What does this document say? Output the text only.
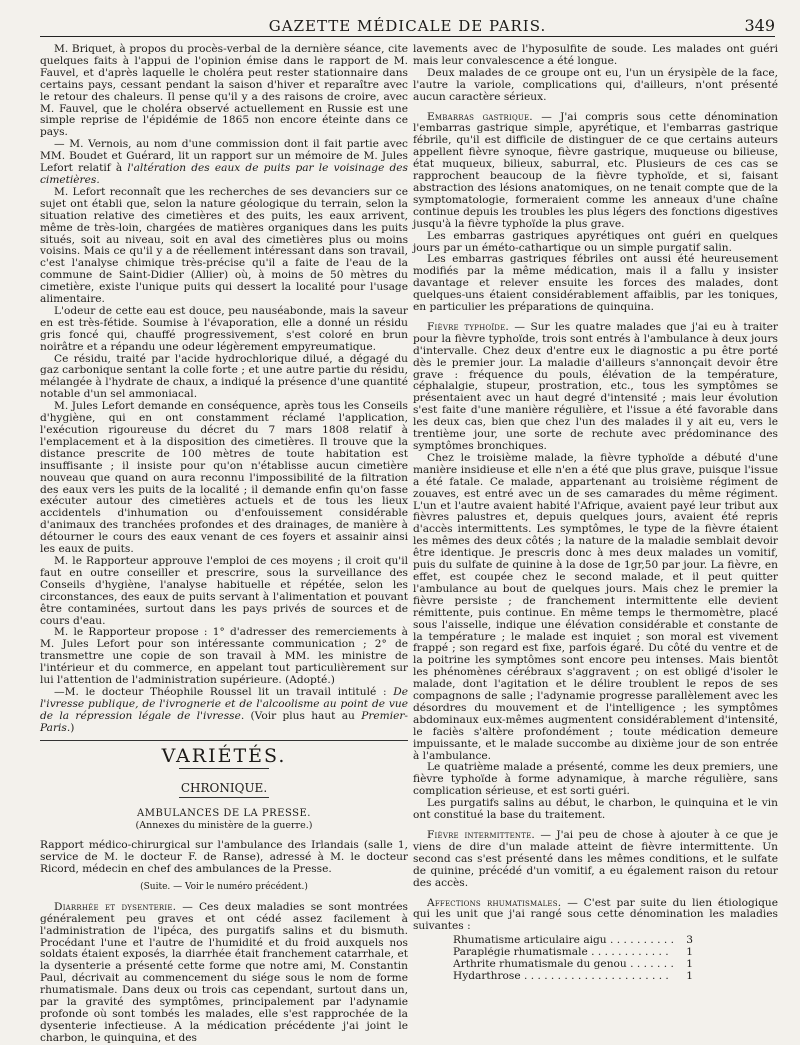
GAZETTE MÉDICALE DE PARIS.	349

M. Briquet, à propos du procès-verbal de la dernière séance, cite quelques faits à l'appui de l'opinion émise dans le rapport de M. Fauvel, et d'après laquelle le choléra peut rester stationnaire dans certains pays, cessant pendant la saison d'hiver et reparaître avec le retour des chaleurs. Il pense qu'il y a des raisons de croire, avec M. Fauvel, que le choléra observé actuellement en Russie est une simple reprise de l'épidémie de 1865 non encore éteinte dans ce pays.

— M. Vernois, au nom d'une commission dont il fait partie avec MM. Boudet et Guérard, lit un rapport sur un mémoire de M. Jules Lefort relatif à l'altération des eaux de puits par le voisinage des cimetières.

M. Lefort reconnaît que les recherches de ses devanciers sur ce sujet ont établi que, selon la nature géologique du terrain, selon la situation relative des cimetières et des puits, les eaux arrivent, même de très-loin, chargées de matières organiques dans les puits situés, soit au niveau, soit en aval des cimetières plus ou moins voisins. Mais ce qu'il y a de réellement intéressant dans son travail, c'est l'analyse chimique très-précise qu'il a faite de l'eau de la commune de Saint-Didier (Allier) où, à moins de 50 mètres du cimetière, existe l'unique puits qui dessert la localité pour l'usage alimentaire.

L'odeur de cette eau est douce, peu nauséabonde, mais la saveur en est très-fétide. Soumise à l'évaporation, elle a donné un résidu gris foncé qui, chauffé progressivement, s'est coloré en brun noirâtre et a répandu une odeur légèrement empyreumatique.

Ce résidu, traité par l'acide hydrochlorique dilué, a dégagé du gaz carbonique sentant la colle forte ; et une autre partie du résidu, mélangée à l'hydrate de chaux, a indiqué la présence d'une quantité notable d'un sel ammoniacal.

M. Jules Lefort demande en conséquence, après tous les Conseils d'hygiène, qui en ont constamment réclamé l'application, l'exécution rigoureuse du décret du 7 mars 1808 relatif à l'emplacement et à la disposition des cimetières. Il trouve que la distance prescrite de 100 mètres de toute habitation est insuffisante ; il insiste pour qu'on n'établisse aucun cimetière nouveau que quand on aura reconnu l'impossibilité de la filtration des eaux vers les puits de la localité ; il demande enfin qu'on fasse exécuter autour des cimetières actuels et de tous les lieux accidentels d'inhumation ou d'enfouissement considérable d'animaux des tranchées profondes et des drainages, de manière à détourner le cours des eaux venant de ces foyers et assainir ainsi les eaux de puits.

M. le Rapporteur approuve l'emploi de ces moyens ; il croit qu'il faut en outre conseiller et prescrire, sous la surveillance des Conseils d'hygiène, l'analyse habituelle et répétée, selon les circonstances, des eaux de puits servant à l'alimentation et pouvant être contaminées, surtout dans les pays privés de sources et de cours d'eau.

M. le Rapporteur propose : 1° d'adresser des remerciements à M. Jules Lefort pour son intéressante communication ; 2° de transmettre une copie de son travail à MM. les ministre de l'intérieur et du commerce, en appelant tout particulièrement sur lui l'attention de l'administration supérieure. (Adopté.)

—M. le docteur Théophile Roussel lit un travail intitulé : De l'ivresse publique, de l'ivrognerie et de l'alcoolisme au point de vue de la répression légale de l'ivresse. (Voir plus haut au Premier-Paris.)

VARIÉTÉS.
CHRONIQUE.
AMBULANCES DE LA PRESSE.
(Annexes du ministère de la guerre.)

Rapport médico-chirurgical sur l'ambulance des Irlandais (salle 1, service de M. le docteur F. de Ranse), adressé à M. le docteur Ricord, médecin en chef des ambulances de la Presse.

(Suite. — Voir le numéro précédent.)

Diarrhée et dysenterie. — Ces deux maladies se sont montrées généralement peu graves et ont cédé assez facilement à l'administration de l'ipéca, des purgatifs salins et du bismuth. Procédant l'une et l'autre de l'humidité et du froid auxquels nos soldats étaient exposés, la diarrhée était franchement catarrhale, et la dysenterie a présenté cette forme que notre ami, M. Constantin Paul, décrivait au commencement du siége sous le nom de forme rhumatismale. Dans deux ou trois cas cependant, surtout dans un, par la gravité des symptômes, principalement par l'adynamie profonde où sont tombés les malades, elle s'est rapprochée de la dysenterie infectieuse. A la médication précédente j'ai joint le charbon, le quinquina, et des

lavements avec de l'hyposulfite de soude. Les malades ont guéri mais leur convalescence a été longue.

Deux malades de ce groupe ont eu, l'un un érysipèle de la face, l'autre la variole, complications qui, d'ailleurs, n'ont présenté aucun caractère sérieux.

Embarras gastrique. — J'ai compris sous cette dénomination l'embarras gastrique simple, apyrétique, et l'embarras gastrique fébrile, qu'il est difficile de distinguer de ce que certains auteurs appellent fièvre synoque, fièvre gastrique, muqueuse ou bilieuse, état muqueux, bilieux, saburral, etc. Plusieurs de ces cas se rapprochent beaucoup de la fièvre typhoïde, et si, faisant abstraction des lésions anatomiques, on ne tenait compte que de la symptomatologie, formeraient comme les anneaux d'une chaîne continue depuis les troubles les plus légers des fonctions digestives jusqu'à la fièvre typhoïde la plus grave.

Les embarras gastriques apyrétiques ont guéri en quelques jours par un éméto-cathartique ou un simple purgatif salin.

Les embarras gastriques fébriles ont aussi été heureusement modifiés par la même médication, mais il a fallu y insister davantage et relever ensuite les forces des malades, dont quelques-uns étaient considérablement affaiblis, par les toniques, en particulier les préparations de quinquina.

Fièvre typhoïde. — Sur les quatre malades que j'ai eu à traiter pour la fièvre typhoïde, trois sont entrés à l'ambulance à deux jours d'intervalle. Chez deux d'entre eux le diagnostic a pu être porté dès le premier jour. La maladie d'ailleurs s'annonçait devoir être grave : fréquence du pouls, élévation de la température, céphalalgie, stupeur, prostration, etc., tous les symptômes se présentaient avec un haut degré d'intensité ; mais leur évolution s'est faite d'une manière régulière, et l'issue a été favorable dans les deux cas, bien que chez l'un des malades il y ait eu, vers le trentième jour, une sorte de rechute avec prédominance des symptômes bronchiques.

Chez le troisième malade, la fièvre typhoïde a débuté d'une manière insidieuse et elle n'en a été que plus grave, puisque l'issue a été fatale. Ce malade, appartenant au troisième régiment de zouaves, est entré avec un de ses camarades du même régiment. L'un et l'autre avaient habité l'Afrique, avaient payé leur tribut aux fièvres palustres et, depuis quelques jours, avaient été repris d'accès intermittents. Les symptômes, le type de la fièvre étaient les mêmes des deux côtés ; la nature de la maladie semblait devoir être identique. Je prescris donc à mes deux malades un vomitif, puis du sulfate de quinine à la dose de 1gr,50 par jour. La fièvre, en effet, est coupée chez le second malade, et il peut quitter l'ambulance au bout de quelques jours. Mais chez le premier la fièvre persiste ; de franchement intermittente elle devient rémittente, puis continue. En même temps le thermomètre, placé sous l'aisselle, indique une élévation considérable et constante de la température ; le malade est inquiet ; son moral est vivement frappé ; son regard est fixe, parfois égaré. Du côté du ventre et de la poitrine les symptômes sont encore peu intenses. Mais bientôt les phénomènes cérébraux s'aggravent ; on est obligé d'isoler le malade, dont l'agitation et le délire troublent le repos de ses compagnons de salle ; l'adynamie progresse parallèlement avec les désordres du mouvement et de l'intelligence ; les symptômes abdominaux eux-mêmes augmentent considérablement d'intensité, le faciès s'altère profondément ; toute médication demeure impuissante, et le malade succombe au dixième jour de son entrée à l'ambulance.

Le quatrième malade a présenté, comme les deux premiers, une fièvre typhoïde à forme adynamique, à marche régulière, sans complication sérieuse, et est sorti guéri.

Les purgatifs salins au début, le charbon, le quinquina et le vin ont constitué la base du traitement.

Fièvre intermittente. — J'ai peu de chose à ajouter à ce que je viens de dire d'un malade atteint de fièvre intermittente. Un second cas s'est présenté dans les mêmes conditions, et le sulfate de quinine, précédé d'un vomitif, a eu également raison du retour des accès.

Affections rhumatismales. — C'est par suite du lien étiologique qui les unit que j'ai rangé sous cette dénomination les maladies suivantes :

Rhumatisme articulaire aigu . . .	3
Paraplégie rhumatismale . . .	1
Arthrite rhumatismale du genou . . .	1
Hydarthrose . . .	1
